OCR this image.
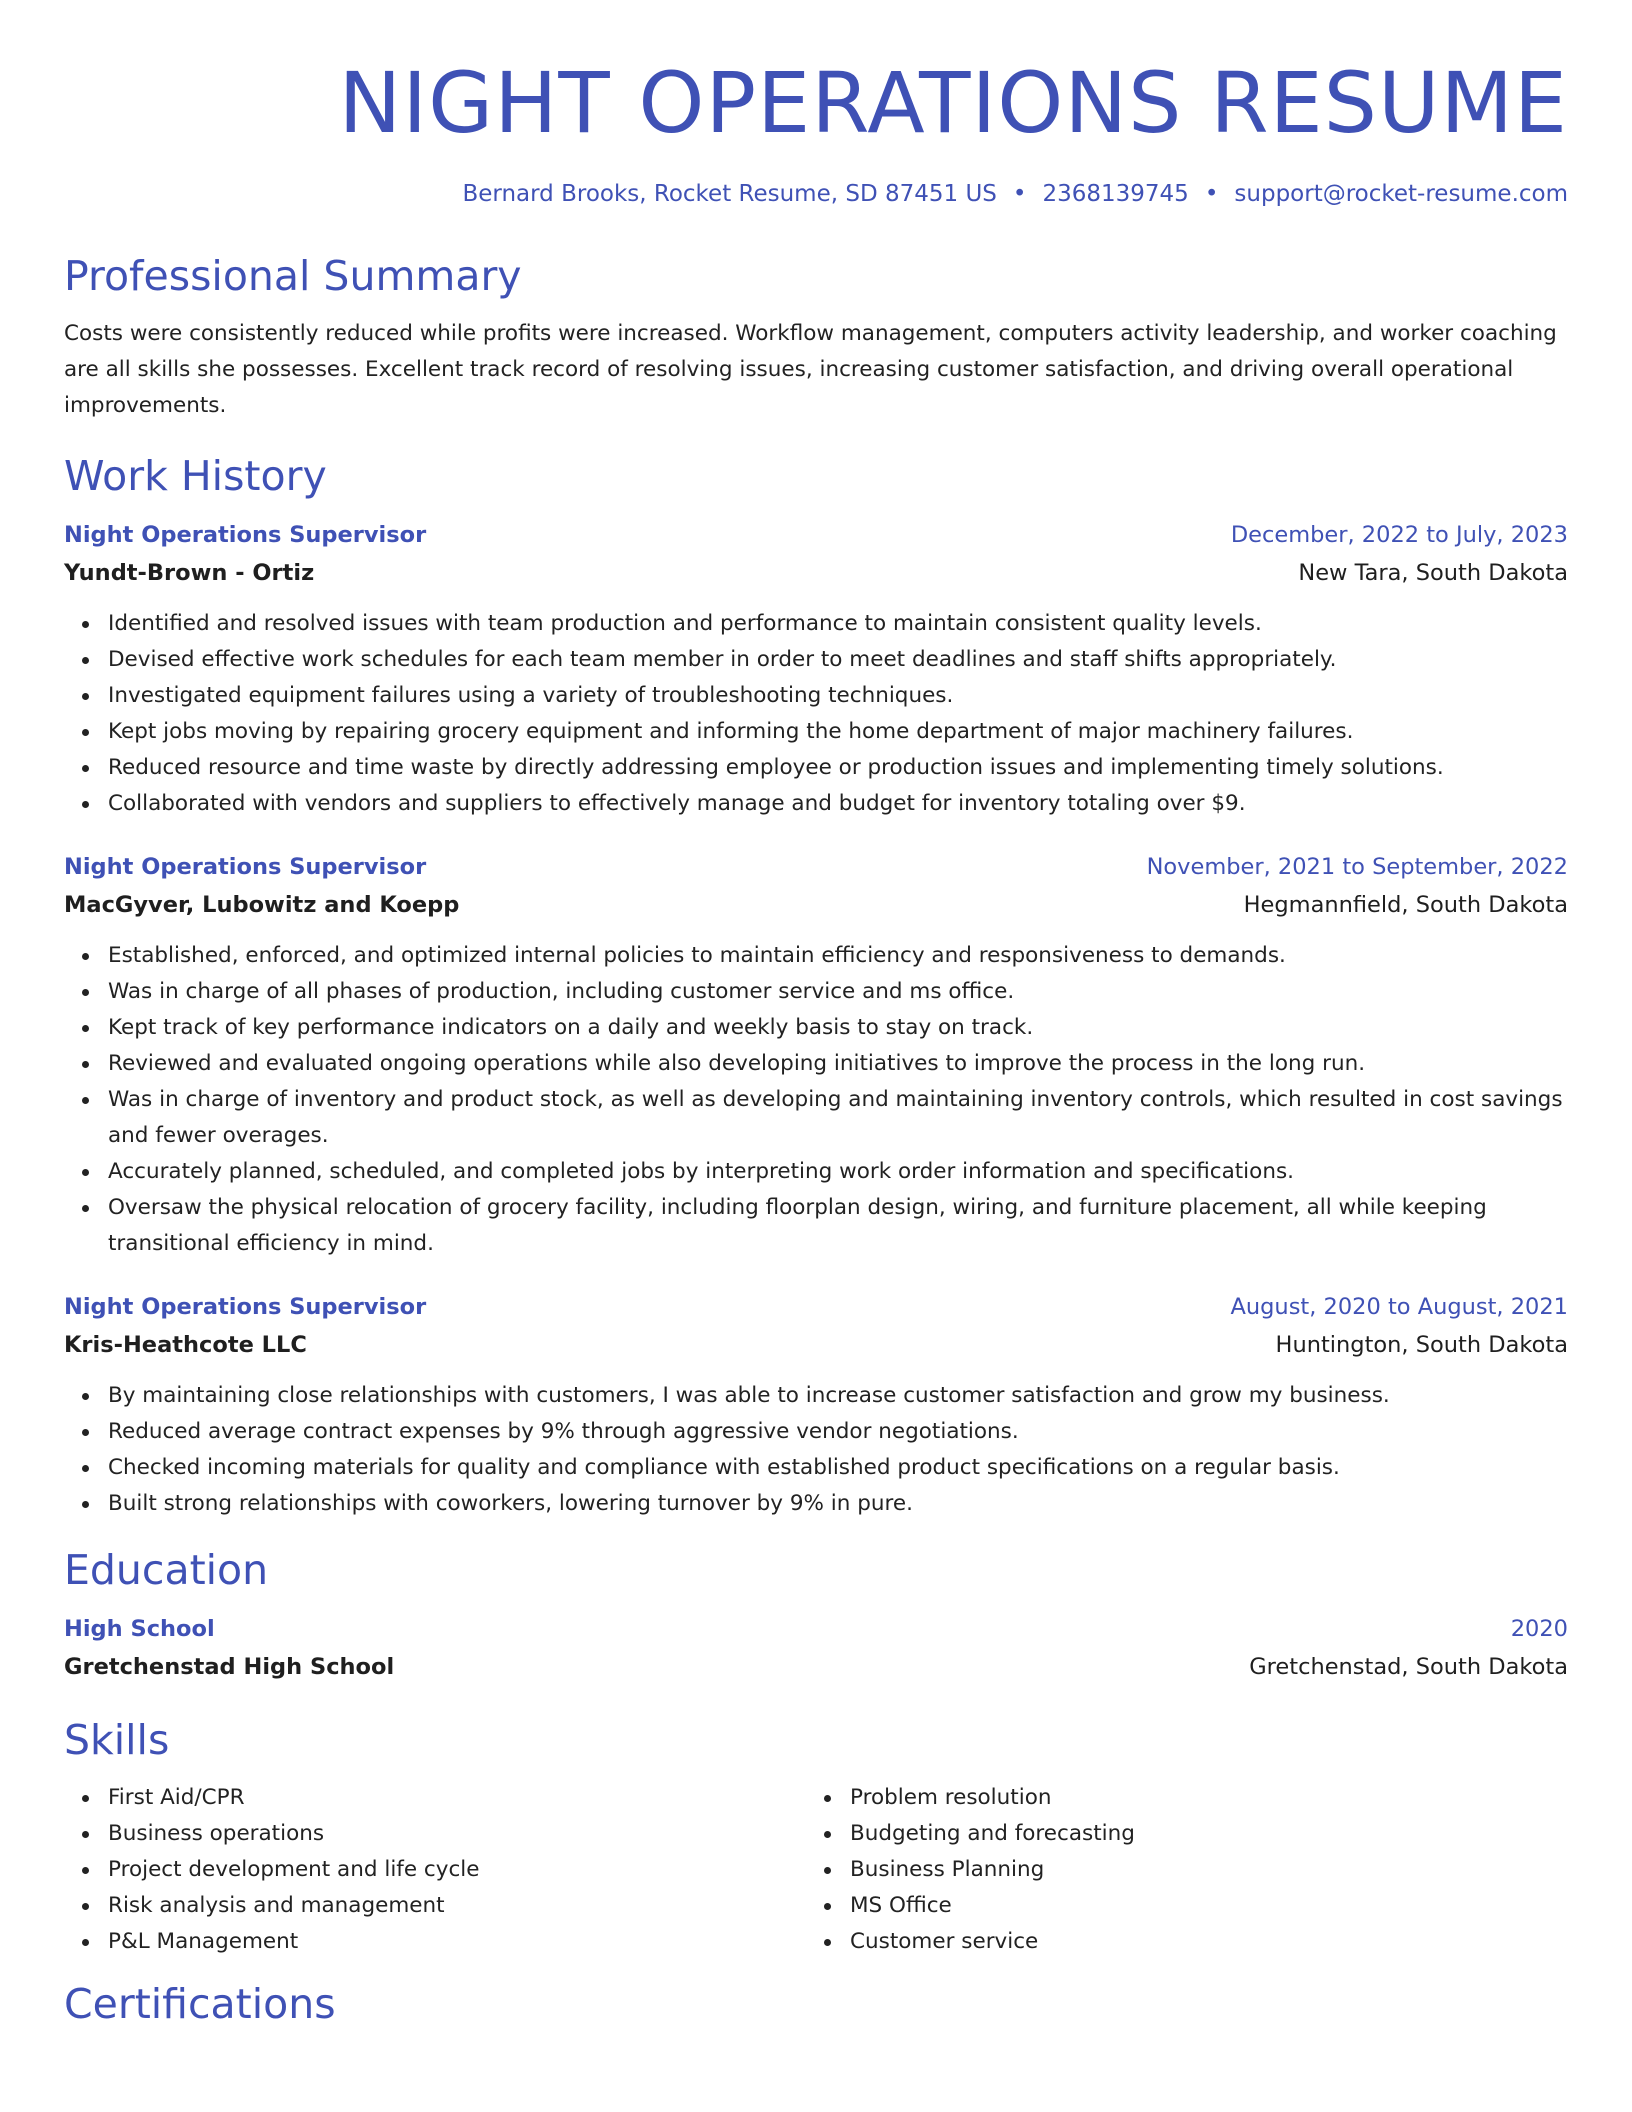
NIGHT OPERATIONS RESUME
Bernard Brooks, Rocket Resume, SD 87451 US • 2368139745 • support@rocket-resume.com
Professional Summary

Costs were consistently reduced while profits were increased. Workflow management, computers activity leadership, and worker coaching are all skills she possesses. Excellent track record of resolving issues, increasing customer satisfaction, and driving overall operational improvements.

Work History
Night Operations Supervisor	December, 2022 to July, 2023
Yundt-Brown - Ortiz	New Tara, South Dakota
Identified and resolved issues with team production and performance to maintain consistent quality levels.
Devised effective work schedules for each team member in order to meet deadlines and staff shifts appropriately.
Investigated equipment failures using a variety of troubleshooting techniques.
Kept jobs moving by repairing grocery equipment and informing the home department of major machinery failures.
Reduced resource and time waste by directly addressing employee or production issues and implementing timely solutions.
Collaborated with vendors and suppliers to effectively manage and budget for inventory totaling over $9.
Night Operations Supervisor	November, 2021 to September, 2022
MacGyver, Lubowitz and Koepp	Hegmannfield, South Dakota
Established, enforced, and optimized internal policies to maintain efficiency and responsiveness to demands.
Was in charge of all phases of production, including customer service and ms office.
Kept track of key performance indicators on a daily and weekly basis to stay on track.
Reviewed and evaluated ongoing operations while also developing initiatives to improve the process in the long run.
Was in charge of inventory and product stock, as well as developing and maintaining inventory controls, which resulted in cost savings and fewer overages.
Accurately planned, scheduled, and completed jobs by interpreting work order information and specifications.
Oversaw the physical relocation of grocery facility, including floorplan design, wiring, and furniture placement, all while keeping transitional efficiency in mind.
Night Operations Supervisor	August, 2020 to August, 2021
Kris-Heathcote LLC	Huntington, South Dakota
By maintaining close relationships with customers, I was able to increase customer satisfaction and grow my business.
Reduced average contract expenses by 9% through aggressive vendor negotiations.
Checked incoming materials for quality and compliance with established product specifications on a regular basis.
Built strong relationships with coworkers, lowering turnover by 9% in pure.
Education
High School	2020
Gretchenstad High School	Gretchenstad, South Dakota
Skills
First Aid/CPR
Business operations
Project development and life cycle
Risk analysis and management
P&L Management
Problem resolution
Budgeting and forecasting
Business Planning
MS Office
Customer service
Certifications
